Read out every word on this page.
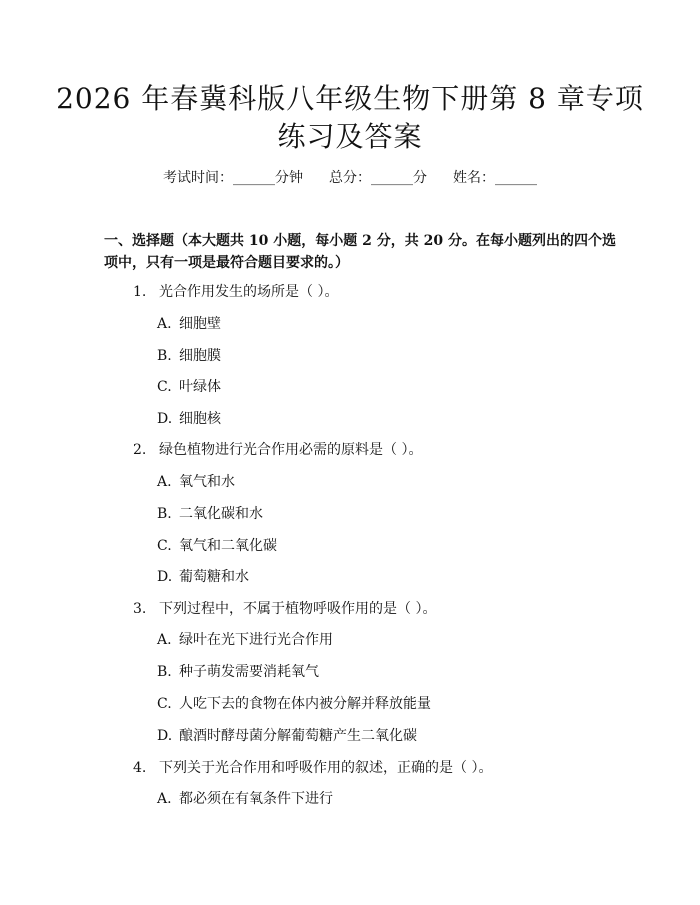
2026 年春冀科版八年级生物下册第 8 章专项
练习及答案
考试时间：______分钟 总分：______分 姓名：______
一、选择题（本大题共 10 小题，每小题 2 分，共 20 分。在每小题列出的四个选
项中，只有一项是最符合题目要求的。）
1. 光合作用发生的场所是（ ）。
A. 细胞壁
B. 细胞膜
C. 叶绿体
D. 细胞核
2. 绿色植物进行光合作用必需的原料是（ ）。
A. 氧气和水
B. 二氧化碳和水
C. 氧气和二氧化碳
D. 葡萄糖和水
3. 下列过程中，不属于植物呼吸作用的是（ ）。
A. 绿叶在光下进行光合作用
B. 种子萌发需要消耗氧气
C. 人吃下去的食物在体内被分解并释放能量
D. 酿酒时酵母菌分解葡萄糖产生二氧化碳
4. 下列关于光合作用和呼吸作用的叙述，正确的是（ ）。
A. 都必须在有氧条件下进行
